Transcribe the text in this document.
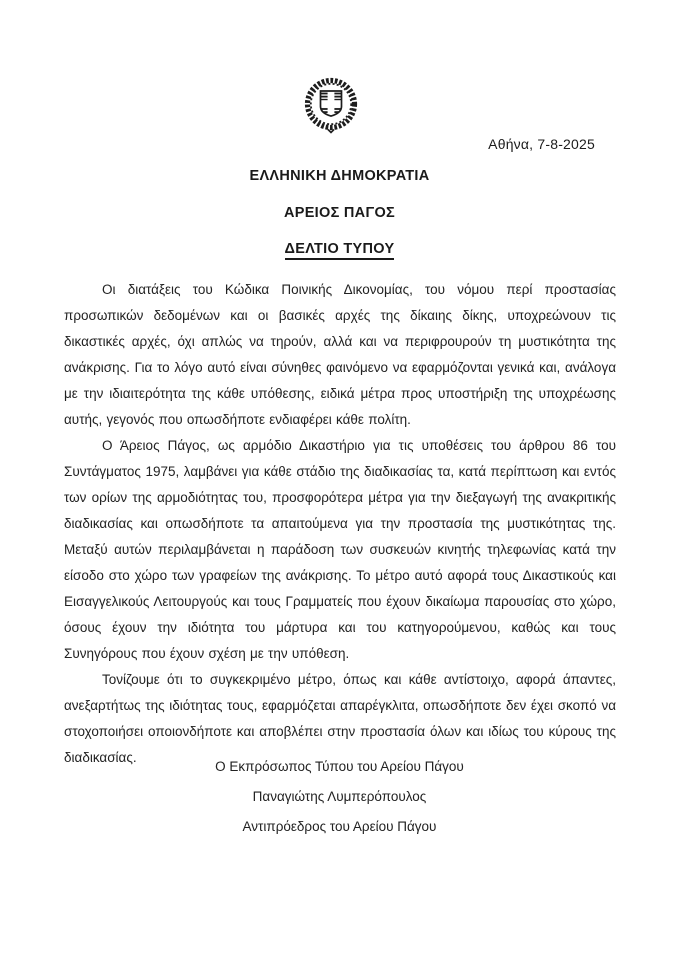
Αθήνα, 7-8-2025
ΕΛΛΗΝΙΚΗ ΔΗΜΟΚΡΑΤΙΑ
ΑΡΕΙΟΣ ΠΑΓΟΣ
ΔΕΛΤΙΟ ΤΥΠΟΥ

Οι διατάξεις του Κώδικα Ποινικής Δικονομίας, του νόμου περί προστασίας προσωπικών δεδομένων και οι βασικές αρχές της δίκαιης δίκης, υποχρεώνουν τις δικαστικές αρχές, όχι απλώς να τηρούν, αλλά και να περιφρουρούν τη μυστικότητα της ανάκρισης. Για το λόγο αυτό είναι σύνηθες φαινόμενο να εφαρμόζονται γενικά και, ανάλογα με την ιδιαιτερότητα της κάθε υπόθεσης, ειδικά μέτρα προς υποστήριξη της υποχρέωσης αυτής, γεγονός που οπωσδήποτε ενδιαφέρει κάθε πολίτη.

Ο Άρειος Πάγος, ως αρμόδιο Δικαστήριο για τις υποθέσεις του άρθρου 86 του Συντάγματος 1975, λαμβάνει για κάθε στάδιο της διαδικασίας τα, κατά περίπτωση και εντός των ορίων της αρμοδιότητας του, προσφορότερα μέτρα για την διεξαγωγή της ανακριτικής διαδικασίας και οπωσδήποτε τα απαιτούμενα για την προστασία της μυστικότητας της. Μεταξύ αυτών περιλαμβάνεται η παράδοση των συσκευών κινητής τηλεφωνίας κατά την είσοδο στο χώρο των γραφείων της ανάκρισης. Το μέτρο αυτό αφορά τους Δικαστικούς και Εισαγγελικούς Λειτουργούς και τους Γραμματείς που έχουν δικαίωμα παρουσίας στο χώρο, όσους έχουν την ιδιότητα του μάρτυρα και του κατηγορούμενου, καθώς και τους Συνηγόρους που έχουν σχέση με την υπόθεση.

Τονίζουμε ότι το συγκεκριμένο μέτρο, όπως και κάθε αντίστοιχο, αφορά άπαντες, ανεξαρτήτως της ιδιότητας τους, εφαρμόζεται απαρέγκλιτα, οπωσδήποτε δεν έχει σκοπό να στοχοποιήσει οποιονδήποτε και αποβλέπει στην προστασία όλων και ιδίως του κύρους της διαδικασίας.

Ο Εκπρόσωπος Τύπου του Αρείου Πάγου
Παναγιώτης Λυμπερόπουλος
Αντιπρόεδρος του Αρείου Πάγου
